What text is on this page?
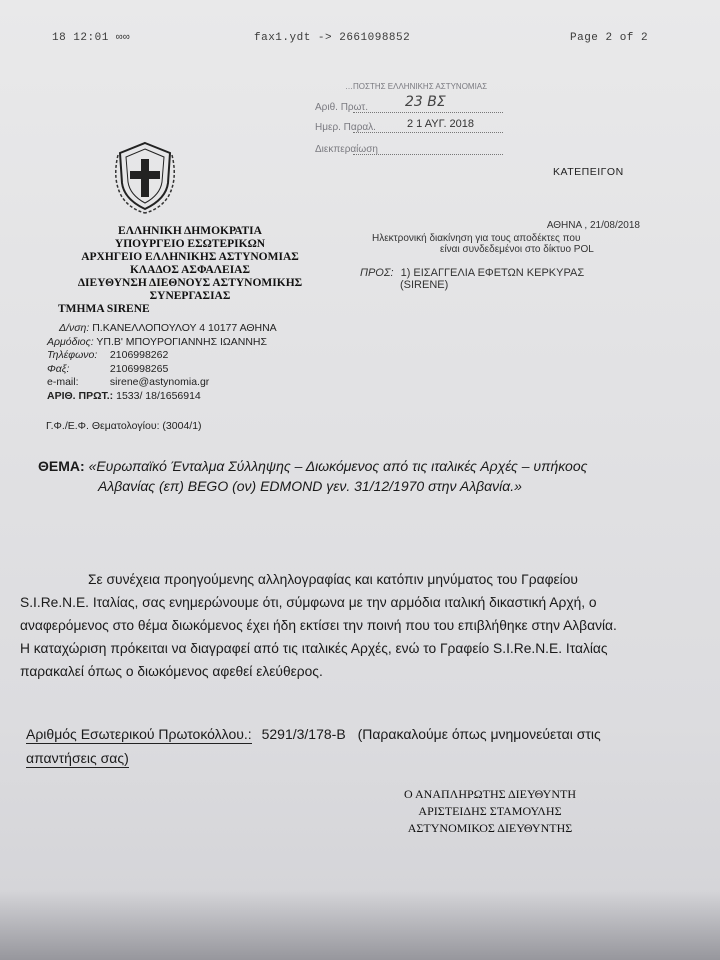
18 12:01 ∞∞	fax1.ydt -> 2661098852	Page 2 of 2
…ΠΟΣΤΗΣ ΕΛΛΗΝΙΚΗΣ ΑΣΤΥΝΟΜΙΑΣ
Αριθ. Πρωτ.	23 ΒΣ
Ημερ. Παραλ.	2 1 ΑΥΓ. 2018
Διεκπεραίωση
ΚΑΤΕΠΕΙΓΟΝ
ΕΛΛΗΝΙΚΗ ΔΗΜΟΚΡΑΤΙΑ
ΥΠΟΥΡΓΕΙΟ ΕΣΩΤΕΡΙΚΩΝ
ΑΡΧΗΓΕΙΟ ΕΛΛΗΝΙΚΗΣ ΑΣΤΥΝΟΜΙΑΣ
ΚΛΑΔΟΣ ΑΣΦΑΛΕΙΑΣ
ΔΙΕΥΘΥΝΣΗ ΔΙΕΘΝΟΥΣ ΑΣΤΥΝΟΜΙΚΗΣ
ΣΥΝΕΡΓΑΣΙΑΣ
ΤΜΗΜΑ SIRENE
Δ/νση: Π.ΚΑΝΕΛΛΟΠΟΥΛΟΥ 4 10177 ΑΘΗΝΑ
Αρμόδιος: ΥΠ.Β' ΜΠΟΥΡΟΓΙΑΝΝΗΣ ΙΩΑΝΝΗΣ
Τηλέφωνο: 2106998262
Φαξ:	2106998265
e-mail:	sirene@astynomia.gr
ΑΡΙΘ. ΠΡΩΤ.: 1533/ 18/1656914
ΑΘΗΝΑ , 21/08/2018
Ηλεκτρονική διακίνηση για τους αποδέκτες που
είναι συνδεδεμένοι στο δίκτυο POL
ΠΡΟΣ: 1) ΕΙΣΑΓΓΕΛΙΑ ΕΦΕΤΩΝ ΚΕΡΚΥΡΑΣ
(SIRENE)
Γ.Φ./Ε.Φ. Θεματολογίου: (3004/1)
ΘΕΜΑ: «Ευρωπαϊκό Ένταλμα Σύλληψης – Διωκόμενος από τις ιταλικές Αρχές – υπήκοος
Αλβανίας (επ) BEGO (ον) EDMOND γεν. 31/12/1970 στην Αλβανία.»
Σε συνέχεια προηγούμενης αλληλογραφίας και κατόπιν μηνύματος του Γραφείου
S.I.Re.N.E. Ιταλίας, σας ενημερώνουμε ότι, σύμφωνα με την αρμόδια ιταλική δικαστική Αρχή, ο
αναφερόμενος στο θέμα διωκόμενος έχει ήδη εκτίσει την ποινή που του επιβλήθηκε στην Αλβανία.
Η καταχώριση πρόκειται να διαγραφεί από τις ιταλικές Αρχές, ενώ το Γραφείο S.I.Re.N.E. Ιταλίας
παρακαλεί όπως ο διωκόμενος αφεθεί ελεύθερος.
Αριθμός Εσωτερικού Πρωτοκόλλου.: 5291/3/178-Β (Παρακαλούμε όπως μνημονεύεται στις
απαντήσεις σας)
Ο ΑΝΑΠΛΗΡΩΤΗΣ ΔΙΕΥΘΥΝΤΗ
ΑΡΙΣΤΕΙΔΗΣ ΣΤΑΜΟΥΛΗΣ
ΑΣΤΥΝΟΜΙΚΟΣ ΔΙΕΥΘΥΝΤΗΣ
